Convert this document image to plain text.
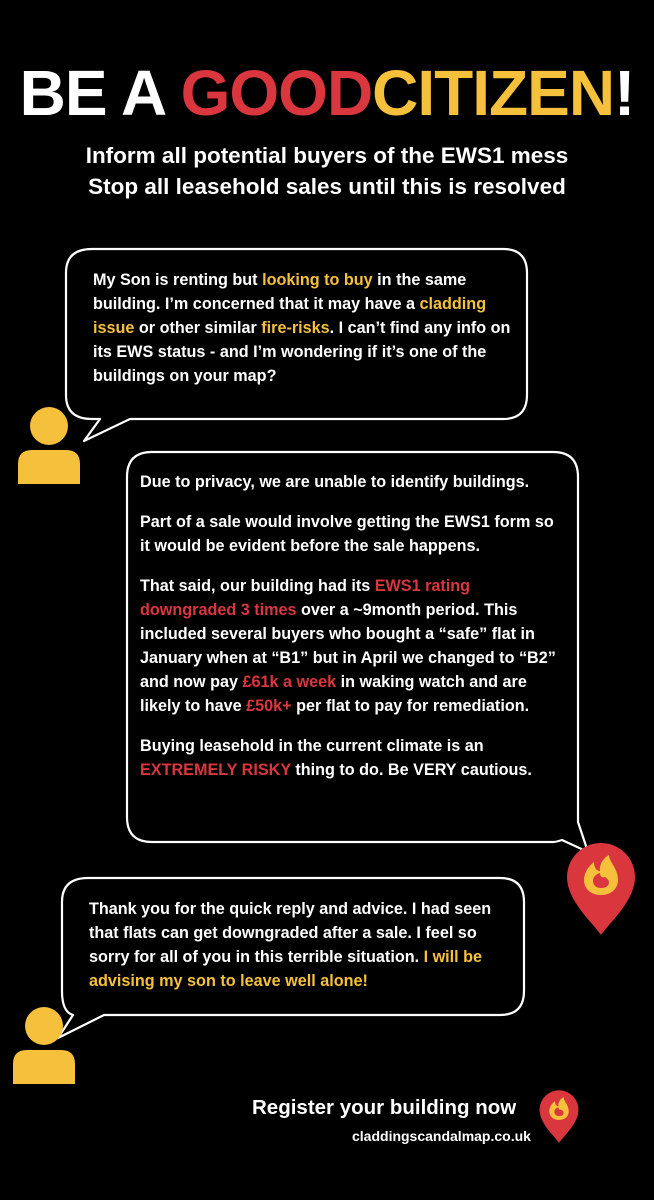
BE A GOODCITIZEN!
Inform all potential buyers of the EWS1 mess
Stop all leasehold sales until this is resolved
My Son is renting but looking to buy in the same building. I’m concerned that it may have a cladding issue or other similar fire-risks. I can’t find any info on its EWS status - and I’m wondering if it’s one of the buildings on your map?

Due to privacy, we are unable to identify buildings.

Part of a sale would involve getting the EWS1 form so it would be evident before the sale happens.

That said, our building had its EWS1 rating downgraded 3 times over a ~9month period. This included several buyers who bought a “safe” flat in January when at “B1” but in April we changed to “B2” and now pay £61k a week in waking watch and are likely to have £50k+ per flat to pay for remediation.

Buying leasehold in the current climate is an EXTREMELY RISKY thing to do. Be VERY cautious.

Thank you for the quick reply and advice. I had seen that flats can get downgraded after a sale. I feel so sorry for all of you in this terrible situation. I will be advising my son to leave well alone!
Register your building now
claddingscandalmap.co.uk
